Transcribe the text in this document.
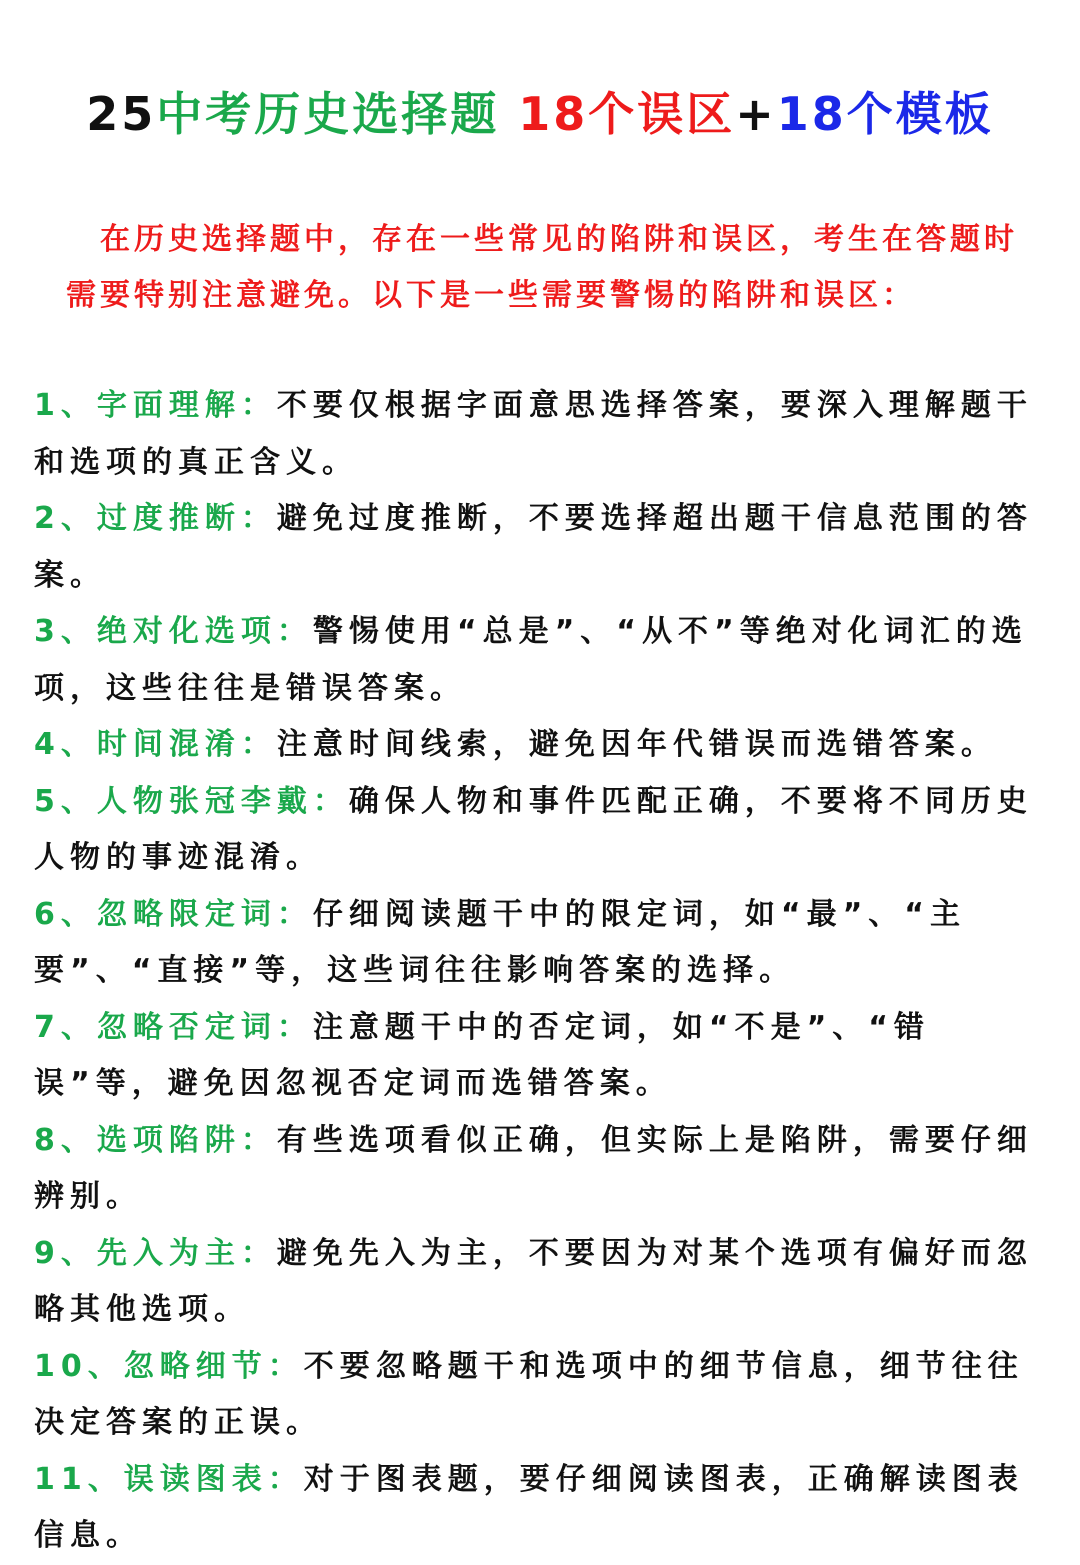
25中考历史选择题 18个误区+18个模板

在历史选择题中，存在一些常见的陷阱和误区，考生在答题时需要特别注意避免。以下是一些需要警惕的陷阱和误区：

1、字面理解：不要仅根据字面意思选择答案，要深入理解题干和选项的真正含义。

2、过度推断：避免过度推断，不要选择超出题干信息范围的答案。

3、绝对化选项：警惕使用“总是”、“从不”等绝对化词汇的选项，这些往往是错误答案。

4、时间混淆：注意时间线索，避免因年代错误而选错答案。

5、人物张冠李戴：确保人物和事件匹配正确，不要将不同历史人物的事迹混淆。

6、忽略限定词：仔细阅读题干中的限定词，如“最”、“主要”、“直接”等，这些词往往影响答案的选择。

7、忽略否定词：注意题干中的否定词，如“不是”、“错误”等，避免因忽视否定词而选错答案。

8、选项陷阱：有些选项看似正确，但实际上是陷阱，需要仔细辨别。

9、先入为主：避免先入为主，不要因为对某个选项有偏好而忽略其他选项。

10、忽略细节：不要忽略题干和选项中的细节信息，细节往往决定答案的正误。

11、误读图表：对于图表题，要仔细阅读图表，正确解读图表信息。
